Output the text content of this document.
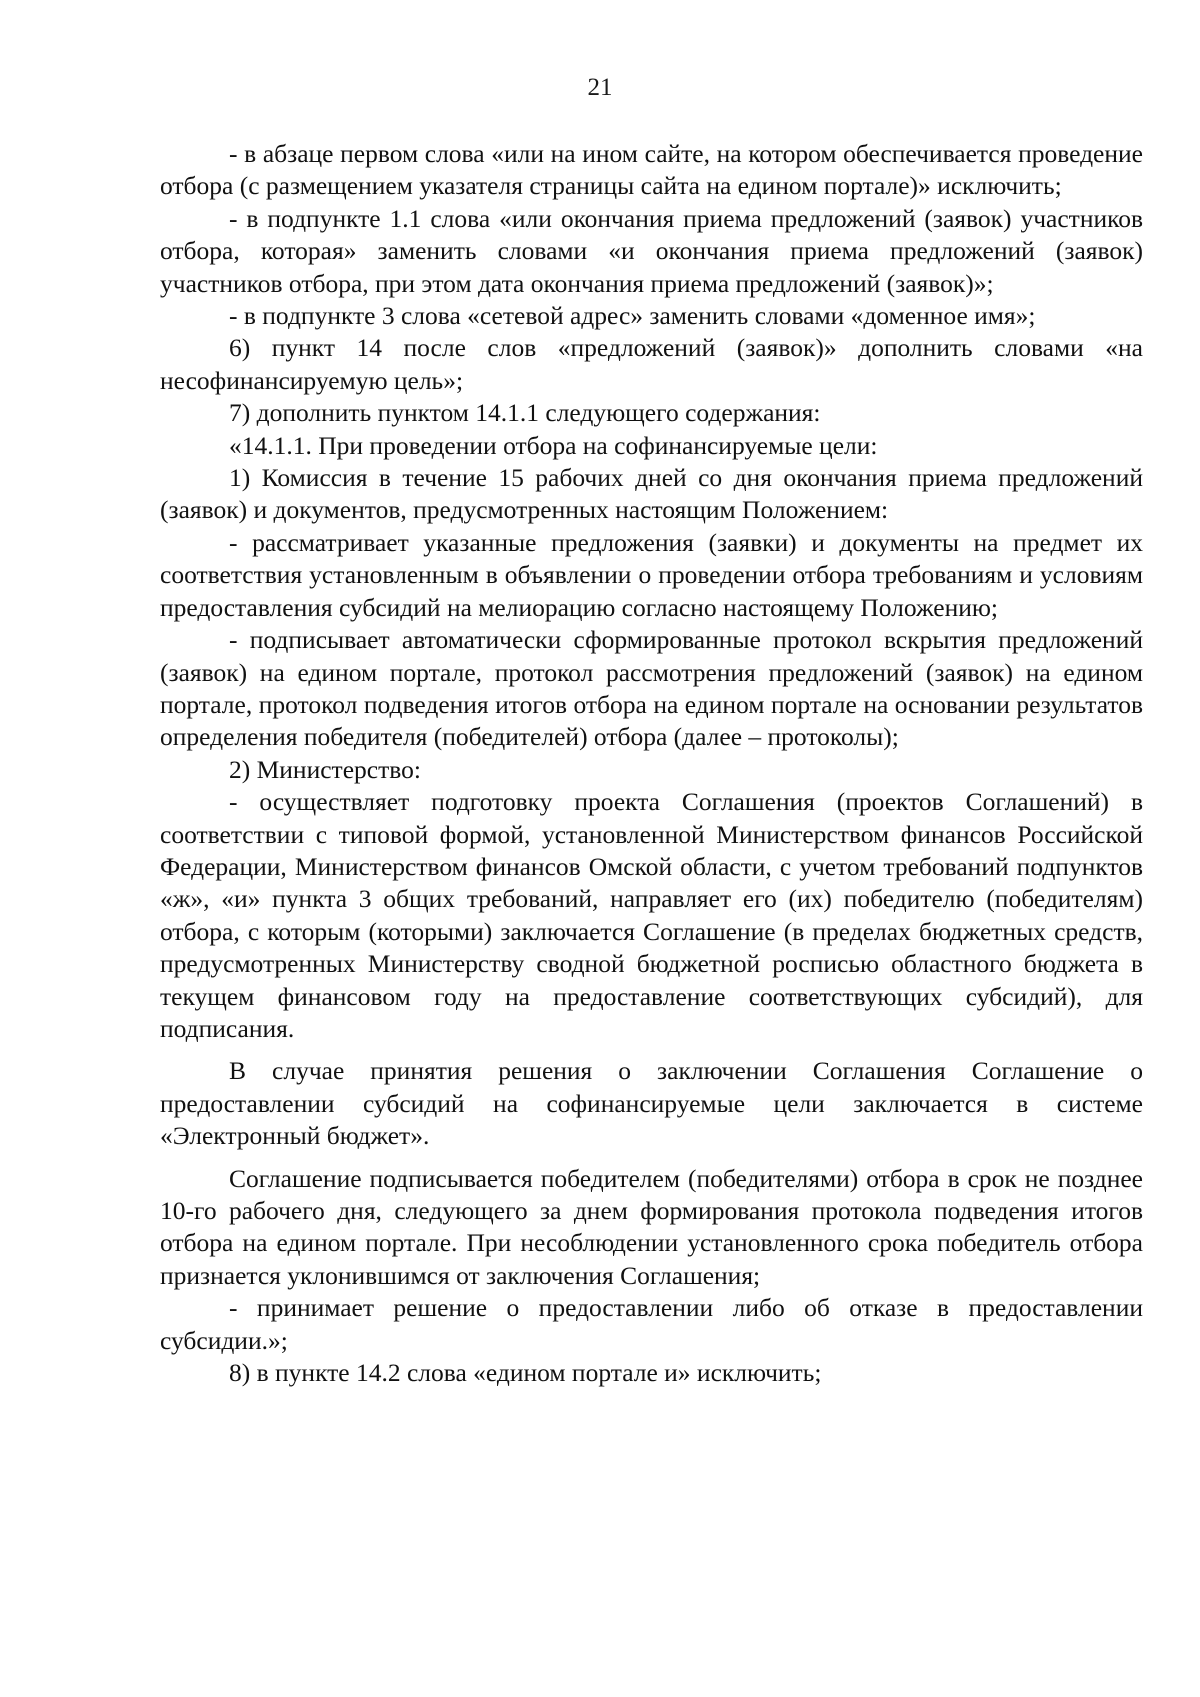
21

- в абзаце первом слова «или на ином сайте, на котором обеспечивается проведение отбора (с размещением указателя страницы сайта на едином портале)» исключить;

- в подпункте 1.1 слова «или окончания приема предложений (заявок) участников отбора, которая» заменить словами «и окончания приема предложений (заявок) участников отбора, при этом дата окончания приема предложений (заявок)»;

- в подпункте 3 слова «сетевой адрес» заменить словами «доменное имя»;

6) пункт 14 после слов «предложений (заявок)» дополнить словами «на несофинансируемую цель»;

7) дополнить пунктом 14.1.1 следующего содержания:

«14.1.1. При проведении отбора на софинансируемые цели:

1) Комиссия в течение 15 рабочих дней со дня окончания приема предложений (заявок) и документов, предусмотренных настоящим Положением:

- рассматривает указанные предложения (заявки) и документы на предмет их соответствия установленным в объявлении о проведении отбора требованиям и условиям предоставления субсидий на мелиорацию согласно настоящему Положению;

- подписывает автоматически сформированные протокол вскрытия предложений (заявок) на едином портале, протокол рассмотрения предложений (заявок) на едином портале, протокол подведения итогов отбора на едином портале на основании результатов определения победителя (победителей) отбора (далее – протоколы);

2) Министерство:

- осуществляет подготовку проекта Соглашения (проектов Соглашений) в соответствии с типовой формой, установленной Министерством финансов Российской Федерации, Министерством финансов Омской области, с учетом требований подпунктов «ж», «и» пункта 3 общих требований, направляет его (их) победителю (победителям) отбора, с которым (которыми) заключается Соглашение (в пределах бюджетных средств, предусмотренных Министерству сводной бюджетной росписью областного бюджета в текущем финансовом году на предоставление соответствующих субсидий), для подписания.

В случае принятия решения о заключении Соглашения Соглашение о предоставлении субсидий на софинансируемые цели заключается в системе «Электронный бюджет».

Соглашение подписывается победителем (победителями) отбора в срок не позднее 10-го рабочего дня, следующего за днем формирования протокола подведения итогов отбора на едином портале. При несоблюдении установленного срока победитель отбора признается уклонившимся от заключения Соглашения;

- принимает решение о предоставлении либо об отказе в предоставлении субсидии.»;

8) в пункте 14.2 слова «едином портале и» исключить;
